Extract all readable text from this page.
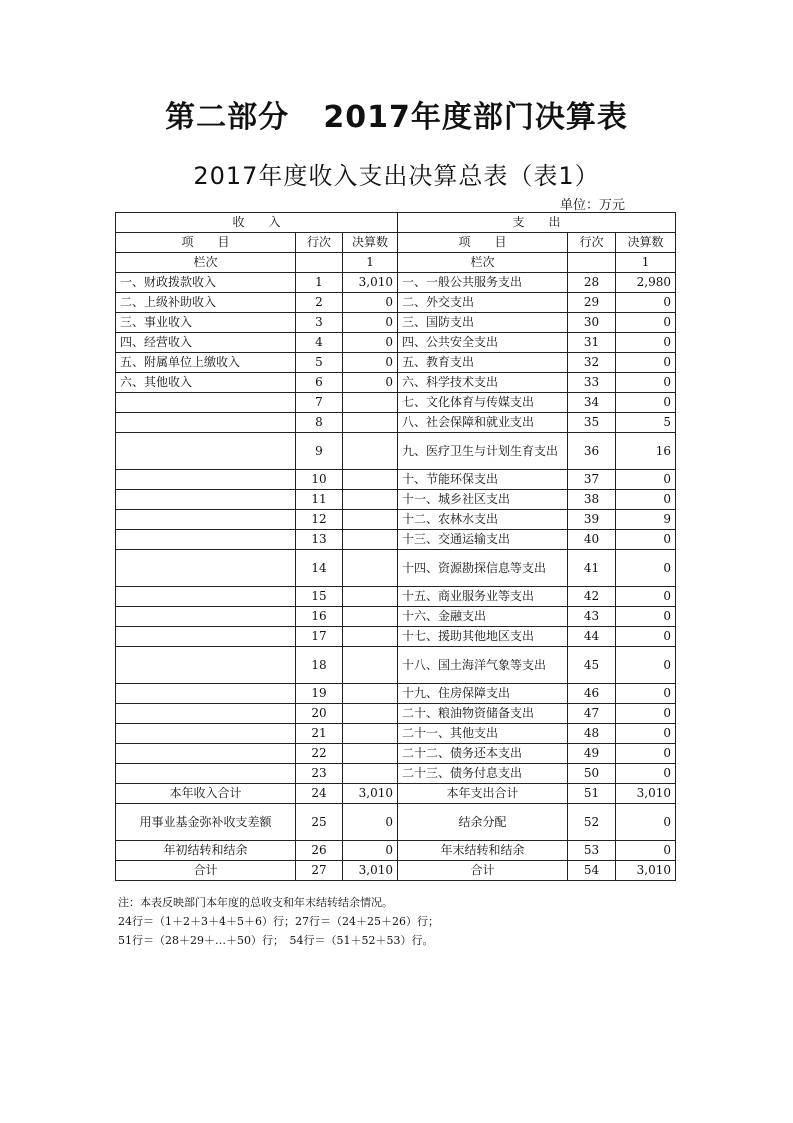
第二部分   2017年度部门决算表
2017年度收入支出决算总表（表1）
单位：万元
收　　入			支　　出		
项　　目	行次	决算数	项　　目	行次	决算数
栏次		1	栏次		1
一、财政拨款收入	1	3,010	一、一般公共服务支出	28	2,980
二、上级补助收入	2	0	二、外交支出	29	0
三、事业收入	3	0	三、国防支出	30	0
四、经营收入	4	0	四、公共安全支出	31	0
五、附属单位上缴收入	5	0	五、教育支出	32	0
六、其他收入	6	0	六、科学技术支出	33	0
	7		七、文化体育与传媒支出	34	0
	8		八、社会保障和就业支出	35	5
	9		九、医疗卫生与计划生育支出	36	16
	10		十、节能环保支出	37	0
	11		十一、城乡社区支出	38	0
	12		十二、农林水支出	39	9
	13		十三、交通运输支出	40	0
	14		十四、资源勘探信息等支出	41	0
	15		十五、商业服务业等支出	42	0
	16		十六、金融支出	43	0
	17		十七、援助其他地区支出	44	0
	18		十八、国土海洋气象等支出	45	0
	19		十九、住房保障支出	46	0
	20		二十、粮油物资储备支出	47	0
	21		二十一、其他支出	48	0
	22		二十二、债务还本支出	49	0
	23		二十三、债务付息支出	50	0
本年收入合计	24	3,010	本年支出合计	51	3,010
用事业基金弥补收支差额	25	0	结余分配	52	0
年初结转和结余	26	0	年末结转和结余	53	0
合计	27	3,010	合计	54	3,010
注：本表反映部门本年度的总收支和年末结转结余情况。
24行＝（1＋2＋3＋4＋5＋6）行；27行＝（24＋25＋26）行；
51行＝（28＋29＋…＋50）行；　54行＝（51＋52＋53）行。
